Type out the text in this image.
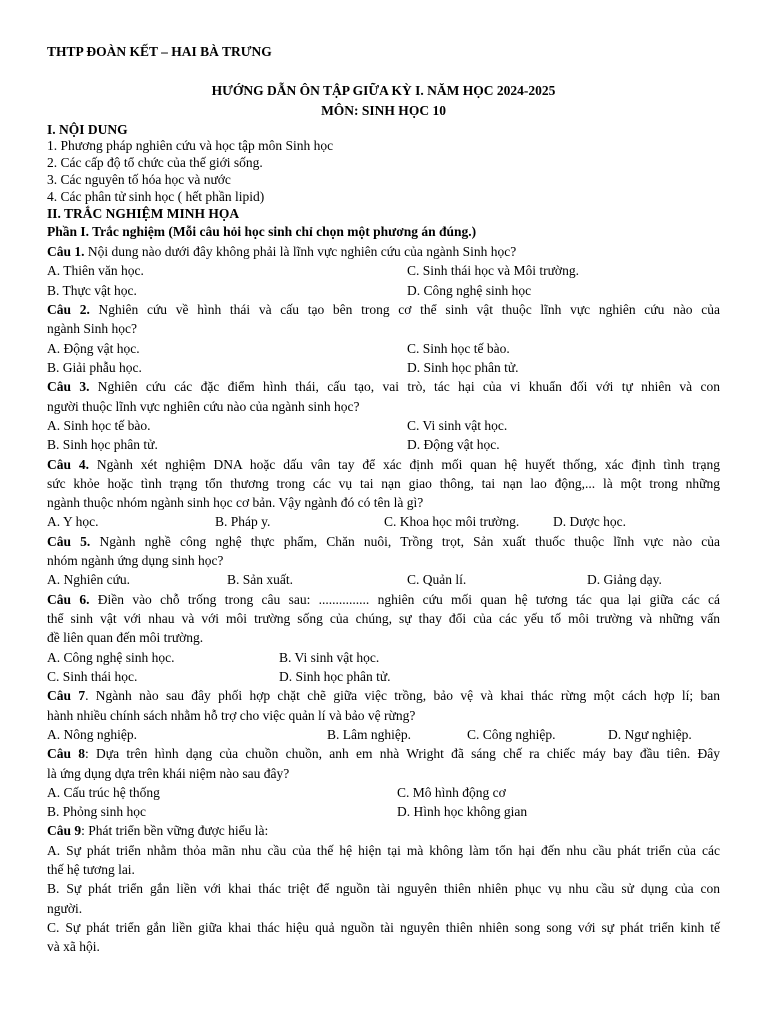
THTP ĐOÀN KẾT – HAI BÀ TRƯNG
HƯỚNG DẪN ÔN TẬP GIỮA KỲ I. NĂM HỌC 2024-2025
MÔN: SINH HỌC 10
I. NỘI DUNG
1. Phương pháp nghiên cứu và học tập môn Sinh học
2. Các cấp độ tổ chức của thế giới sống.
3. Các nguyên tố hóa học và nước
4. Các phân tử sinh học ( hết phần lipid)
II. TRẮC NGHIỆM MINH HỌA
Phần I. Trắc nghiệm (Mỗi câu hỏi học sinh chỉ chọn một phương án đúng.)
Câu 1. Nội dung nào dưới đây không phải là lĩnh vực nghiên cứu của ngành Sinh học?
A. Thiên văn học.	C. Sinh thái học và Môi trường.
B. Thực vật học.	D. Công nghệ sinh học
Câu 2. Nghiên cứu về hình thái và cấu tạo bên trong cơ thể sinh vật thuộc lĩnh vực nghiên cứu nào của
ngành Sinh học?
A. Động vật học.	C. Sinh học tế bào.
B. Giải phẫu học.	D. Sinh học phân tử.
Câu 3. Nghiên cứu các đặc điểm hình thái, cấu tạo, vai trò, tác hại của vi khuẩn đối với tự nhiên và con
người thuộc lĩnh vực nghiên cứu nào của ngành sinh học?
A. Sinh học tế bào.	C. Vi sinh vật học.
B. Sinh học phân tử.	D. Động vật học.
Câu 4. Ngành xét nghiệm DNA hoặc dấu vân tay để xác định mối quan hệ huyết thống, xác định tình trạng
sức khỏe hoặc tình trạng tổn thương trong các vụ tai nạn giao thông, tai nạn lao động,... là một trong những
ngành thuộc nhóm ngành sinh học cơ bản. Vậy ngành đó có tên là gì?
A. Y học.	B. Pháp y.	C. Khoa học môi trường.	D. Dược học.
Câu 5. Ngành nghề công nghệ thực phẩm, Chăn nuôi, Trồng trọt, Sản xuất thuốc thuộc lĩnh vực nào của
nhóm ngành ứng dụng sinh học?
A. Nghiên cứu.	B. Sản xuất.	C. Quản lí.	D. Giảng dạy.
Câu 6. Điền vào chỗ trống trong câu sau: ............... nghiên cứu mối quan hệ tương tác qua lại giữa các cá
thể sinh vật với nhau và với môi trường sống của chúng, sự thay đổi của các yếu tố môi trường và những vấn
đề liên quan đến môi trường.
A. Công nghệ sinh học.	B. Vi sinh vật học.
C. Sinh thái học.	D. Sinh học phân tử.
Câu 7. Ngành nào sau đây phối hợp chặt chẽ giữa việc trồng, bảo vệ và khai thác rừng một cách hợp lí; ban
hành nhiều chính sách nhằm hỗ trợ cho việc quản lí và bảo vệ rừng?
A. Nông nghiệp.	B. Lâm nghiệp.	C. Công nghiệp.	D. Ngư nghiệp.
Câu 8: Dựa trên hình dạng của chuồn chuồn, anh em nhà Wright đã sáng chế ra chiếc máy bay đầu tiên. Đây
là ứng dụng dựa trên khái niệm nào sau đây?
A. Cấu trúc hệ thống	C. Mô hình động cơ
B. Phỏng sinh học	D. Hình học không gian
Câu 9: Phát triển bền vững được hiểu là:
A. Sự phát triển nhằm thỏa mãn nhu cầu của thế hệ hiện tại mà không làm tổn hại đến nhu cầu phát triển của các
thế hệ tương lai.
B. Sự phát triển gắn liền với khai thác triệt để nguồn tài nguyên thiên nhiên phục vụ nhu cầu sử dụng của con
người.
C. Sự phát triển gắn liền giữa khai thác hiệu quả nguồn tài nguyên thiên nhiên song song với sự phát triển kinh tế
và xã hội.
